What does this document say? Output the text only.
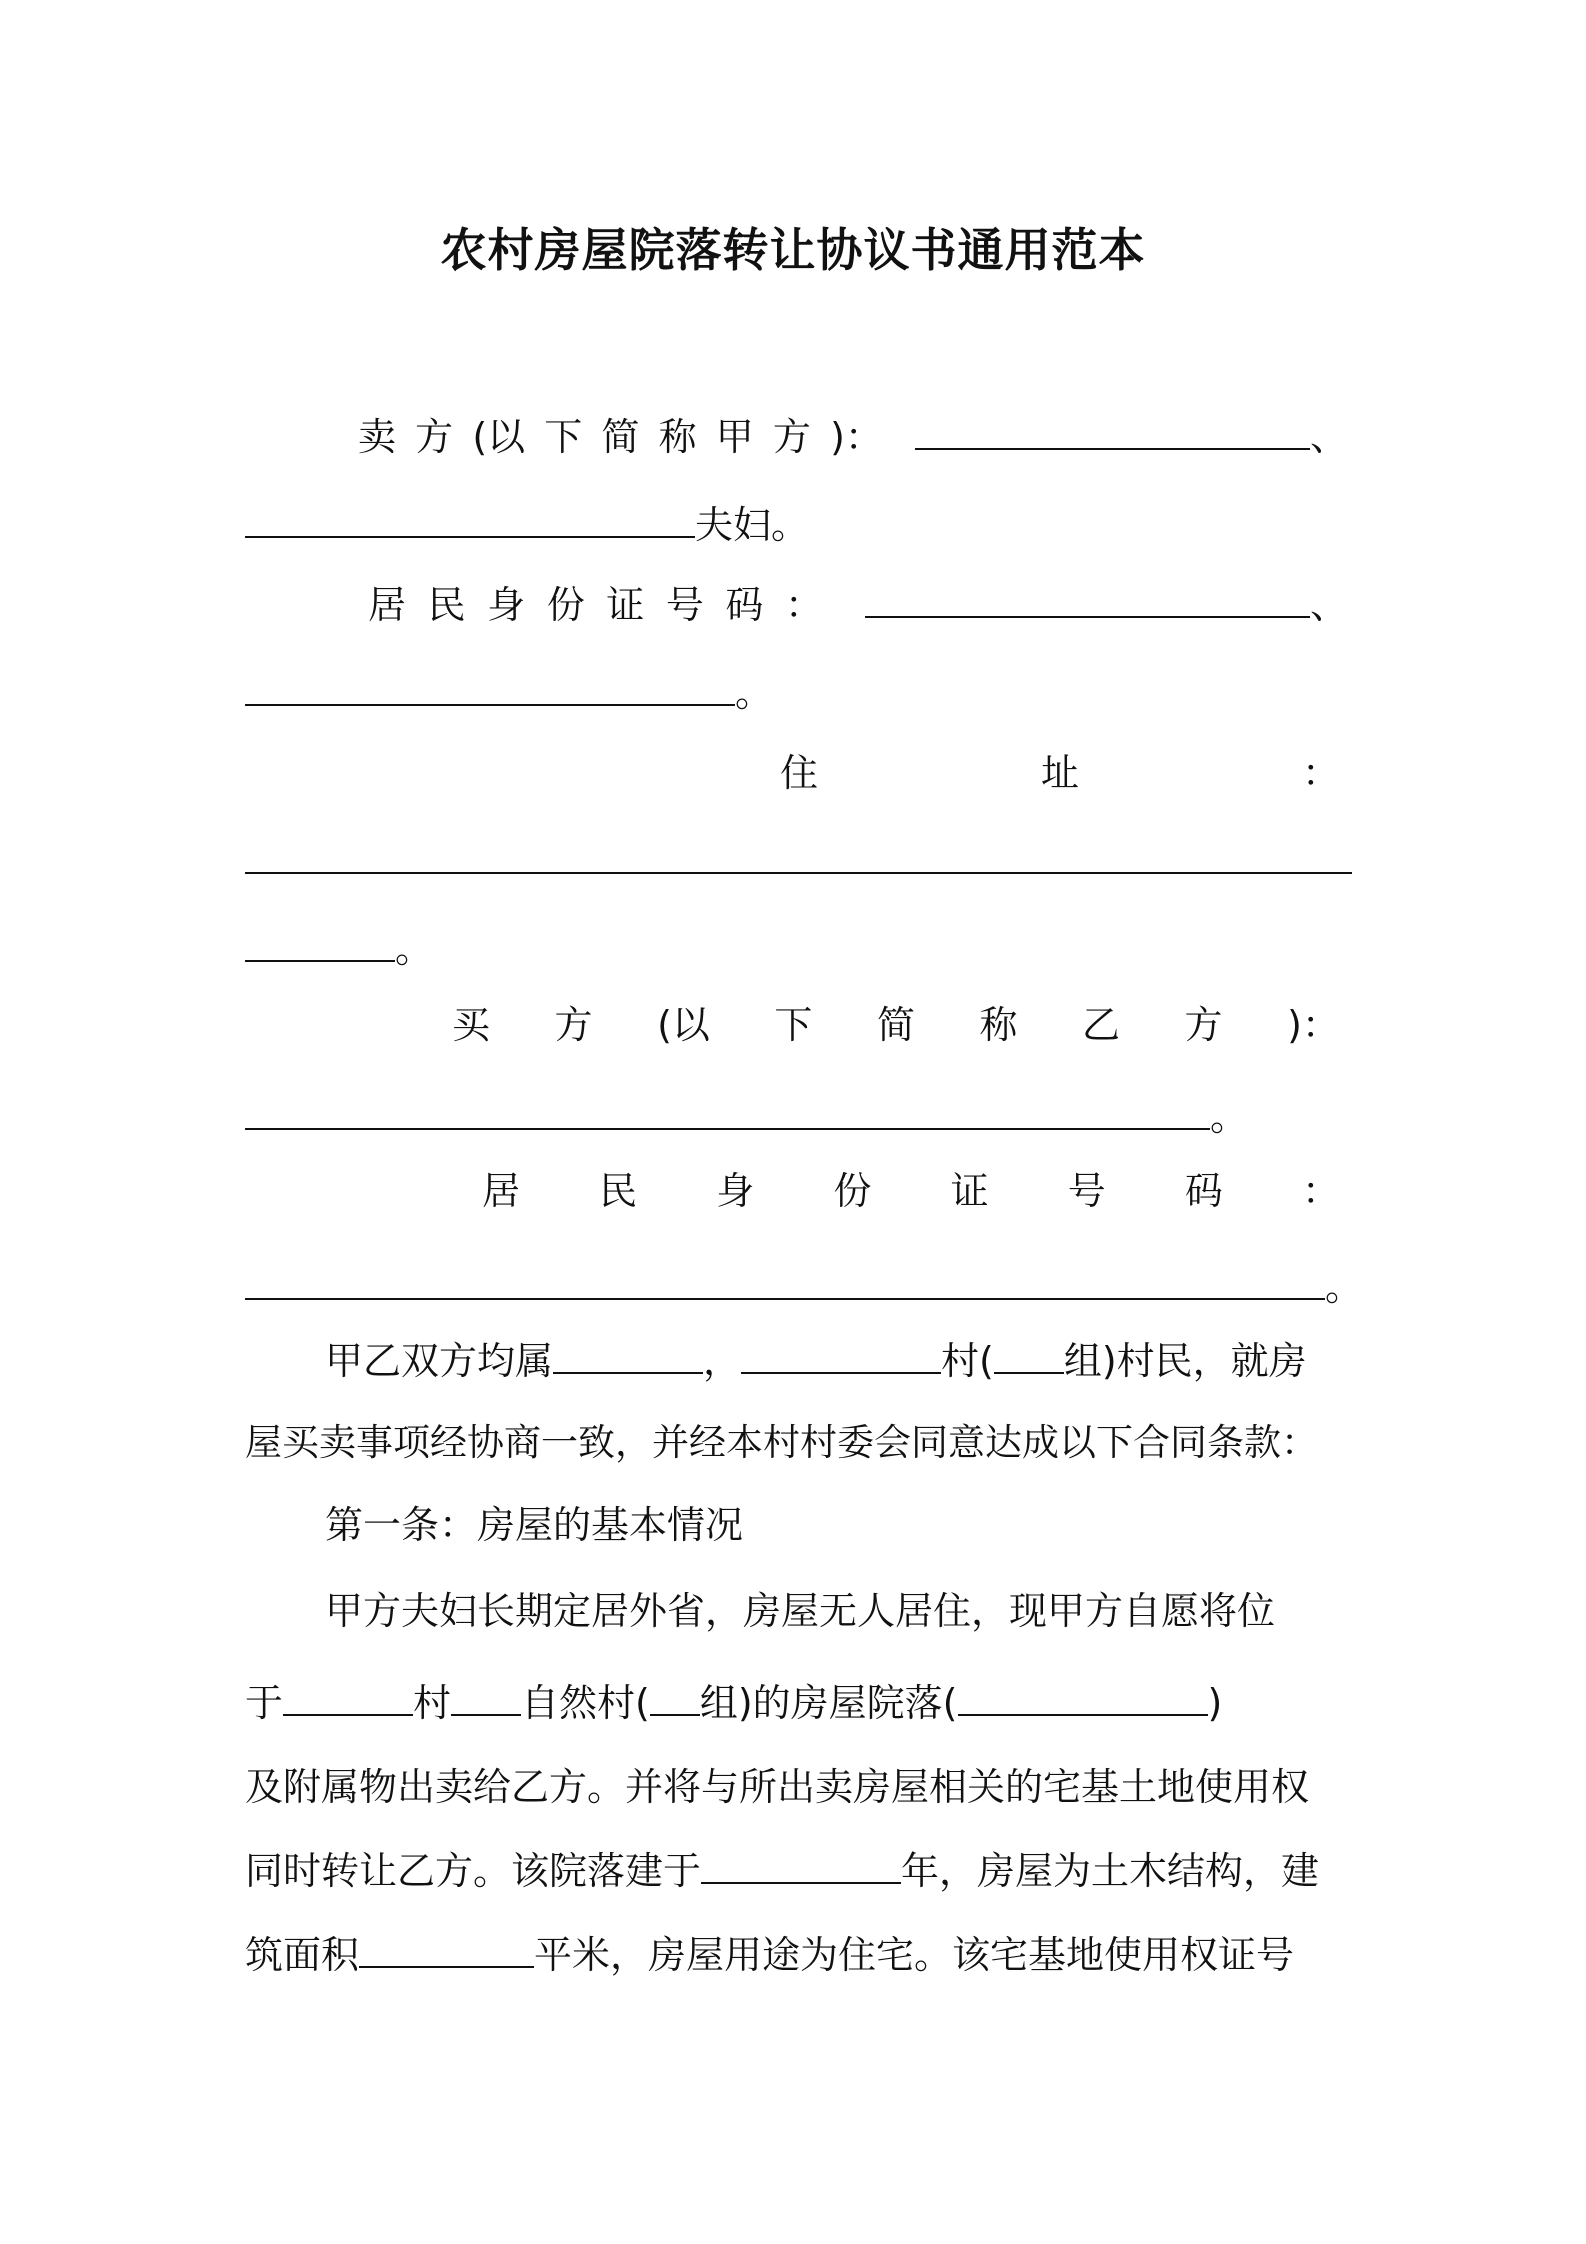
农村房屋院落转让协议书通用范本
卖 方 (以 下 简 称 甲 方 )：	、
夫妇。
居 民 身 份 证 号 码 ：	、
。
住	址	：
。
买 方 (以 下 简 称 乙 方 )：
。
居 民 身 份 证 号 码 ：
。
甲乙双方均属	，	村( 组)村民，就房
屋买卖事项经协商一致，并经本村村委会同意达成以下合同条款：
第一条：房屋的基本情况
甲方夫妇长期定居外省，房屋无人居住，现甲方自愿将位
于	村 自然村( 组)的房屋院落(	)
及附属物出卖给乙方。并将与所出卖房屋相关的宅基土地使用权
同时转让乙方。该院落建于	年，房屋为土木结构，建
筑面积	平米，房屋用途为住宅。该宅基地使用权证号
